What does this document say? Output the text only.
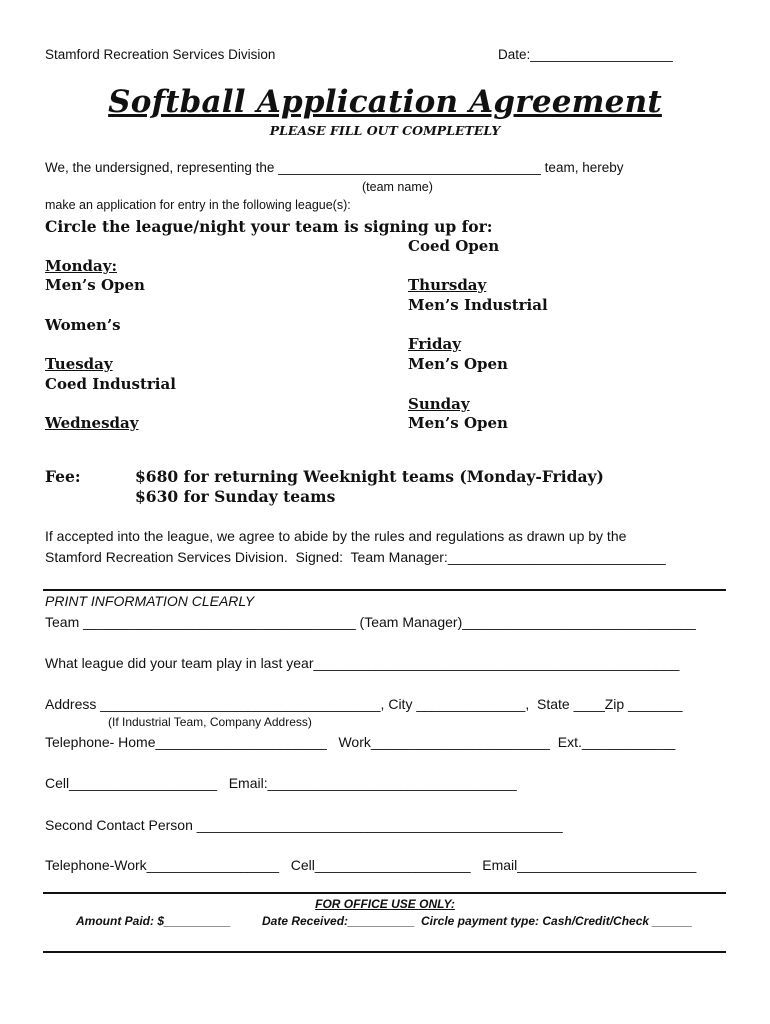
Stamford Recreation Services Division	Date:___________________
Softball Application Agreement
PLEASE FILL OUT COMPLETELY
We, the undersigned, representing the ___________________________________ team, hereby
(team name)
make an application for entry in the following league(s):
Circle the league/night your team is signing up for:
Monday:
Men’s Open
Women’s
Tuesday
Coed Industrial
Wednesday
Coed Open
Thursday
Men’s Industrial
Friday
Men’s Open
Sunday
Men’s Open
Fee:	$680 for returning Weeknight teams (Monday-Friday)
$630 for Sunday teams
If accepted into the league, we agree to abide by the rules and regulations as drawn up by the
Stamford Recreation Services Division.  Signed:  Team Manager:____________________________
PRINT INFORMATION CLEARLY
Team ___________________________________ (Team Manager)______________________________
What league did your team play in last year_______________________________________________
Address ____________________________________, City ______________,  State ____Zip _______
(If Industrial Team, Company Address)
Telephone- Home______________________   Work_______________________  Ext.____________
Cell___________________   Email:________________________________
Second Contact Person _______________________________________________
Telephone-Work_________________   Cell____________________   Email_______________________
FOR OFFICE USE ONLY:
Amount Paid: $__________	Date Received:__________ Circle payment type: Cash/Credit/Check ______
